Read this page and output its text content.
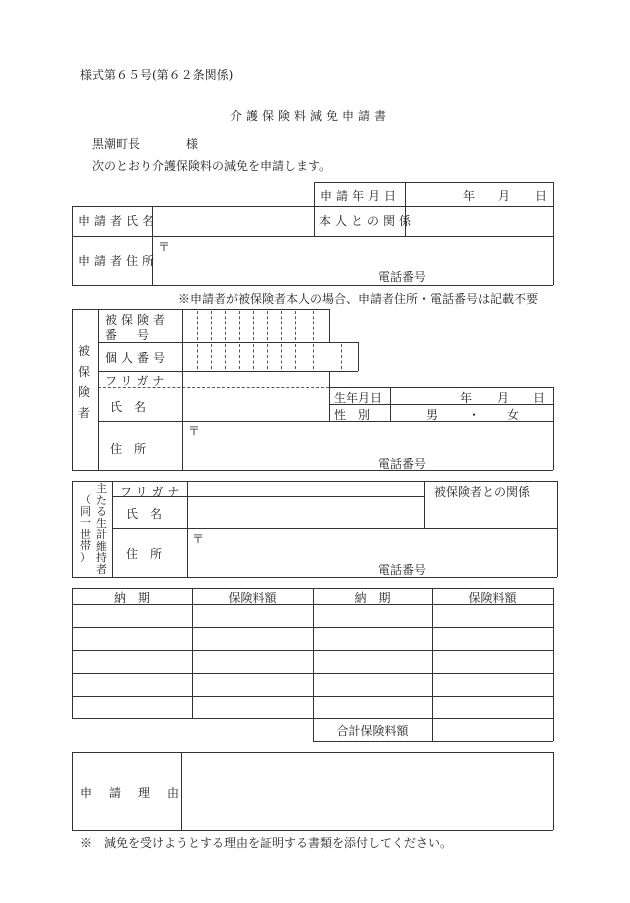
様式第６５号(第６２条関係)
介護保険料減免申請書
黒潮町長	様
次のとおり介護保険料の減免を申請します。
申請年月日	年 月 日
申請者氏名	本人との関係
申請者住所
〒
電話番号
※申請者が被保険者本人の場合、申請者住所・電話番号は記載不要
被
保
険
者
被保険者
番　号
個人番号
フリガナ
氏　名
生年月日	年 月 日
性　別	男 ・ 女
住　所
〒
電話番号
主
た
る
生
計
維
持
者
（
同
一
世
帯
）
フリガナ	被保険者との関係
氏　名
住　所
〒
電話番号
納　期	保険料額	納　期	保険料額
合計保険料額
申請理由
※　減免を受けようとする理由を証明する書類を添付してください。
